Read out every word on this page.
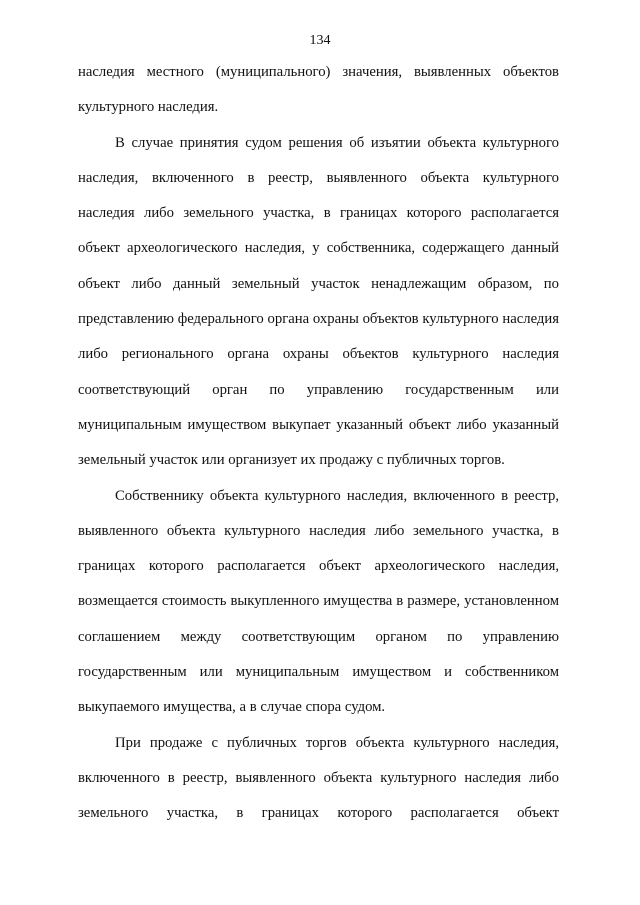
134

наследия местного (муниципального) значения, выявленных объектов культурного наследия.

В случае принятия судом решения об изъятии объекта культурного наследия, включенного в реестр, выявленного объекта культурного наследия либо земельного участка, в границах которого располагается объект археологического наследия, у собственника, содержащего данный объект либо данный земельный участок ненадлежащим образом, по представлению федерального органа охраны объектов культурного наследия либо регионального органа охраны объектов культурного наследия соответствующий орган по управлению государственным или муниципальным имуществом выкупает указанный объект либо указанный земельный участок или организует их продажу с публичных торгов.

Собственнику объекта культурного наследия, включенного в реестр, выявленного объекта культурного наследия либо земельного участка, в границах которого располагается объект археологического наследия, возмещается стоимость выкупленного имущества в размере, установленном соглашением между соответствующим органом по управлению государственным или муниципальным имуществом и собственником выкупаемого имущества, а в случае спора судом.

При продаже с публичных торгов объекта культурного наследия, включенного в реестр, выявленного объекта культурного наследия либо земельного участка, в границах которого располагается объект
